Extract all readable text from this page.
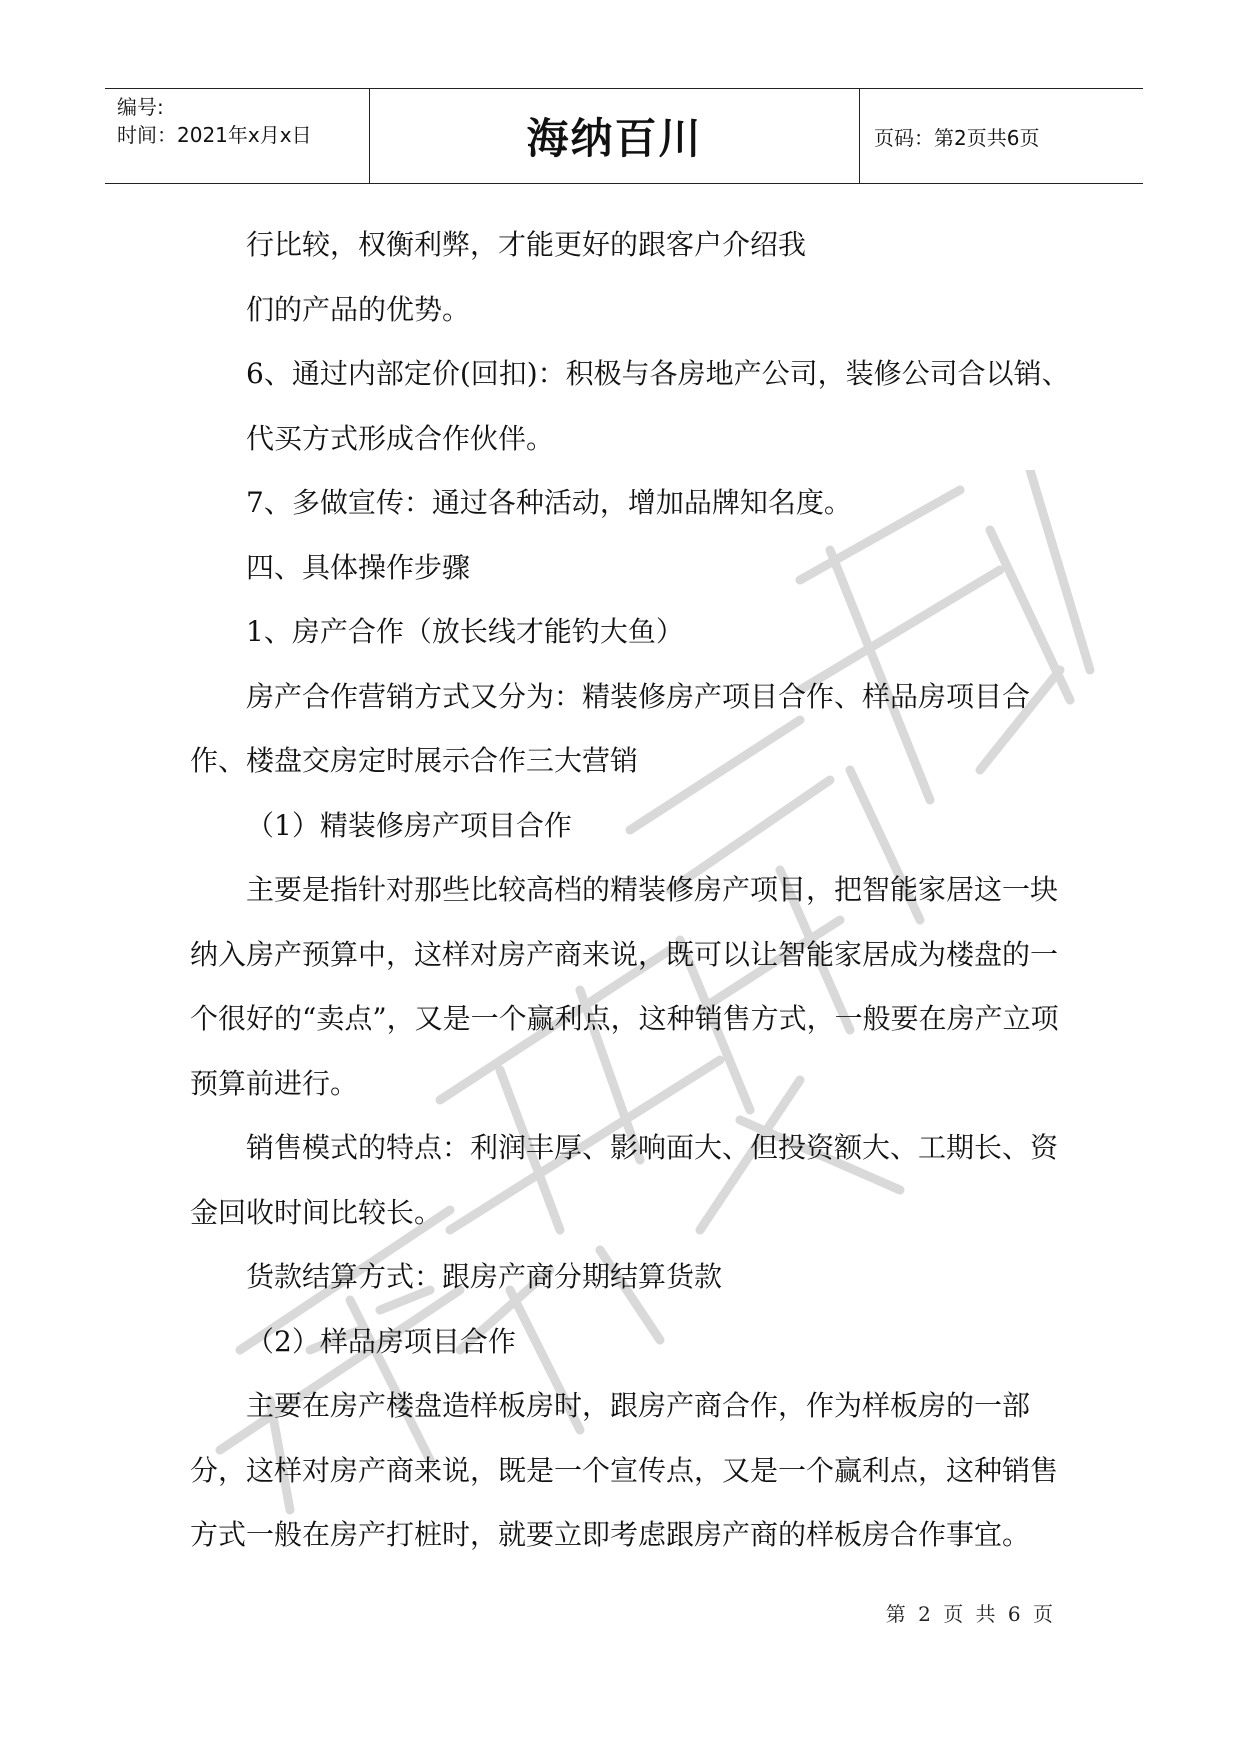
编号:
时间：2021年x月x日	海纳百川	页码：第2页共6页

行比较，权衡利弊，才能更好的跟客户介绍我

们的产品的优势。

6、通过内部定价(回扣)：积极与各房地产公司，装修公司合以销、代买方式形成合作伙伴。

7、多做宣传：通过各种活动，增加品牌知名度。

四、具体操作步骤

1、房产合作（放长线才能钓大鱼）

房产合作营销方式又分为：精装修房产项目合作、样品房项目合作、楼盘交房定时展示合作三大营销

（1）精装修房产项目合作

主要是指针对那些比较高档的精装修房产项目，把智能家居这一块纳入房产预算中，这样对房产商来说，既可以让智能家居成为楼盘的一个很好的“卖点”，又是一个赢利点，这种销售方式，一般要在房产立项预算前进行。

销售模式的特点：利润丰厚、影响面大、但投资额大、工期长、资金回收时间比较长。

货款结算方式：跟房产商分期结算货款

（2）样品房项目合作

主要在房产楼盘造样板房时，跟房产商合作，作为样板房的一部分，这样对房产商来说，既是一个宣传点，又是一个赢利点，这种销售方式一般在房产打桩时，就要立即考虑跟房产商的样板房合作事宜。

第 2 页 共 6 页
